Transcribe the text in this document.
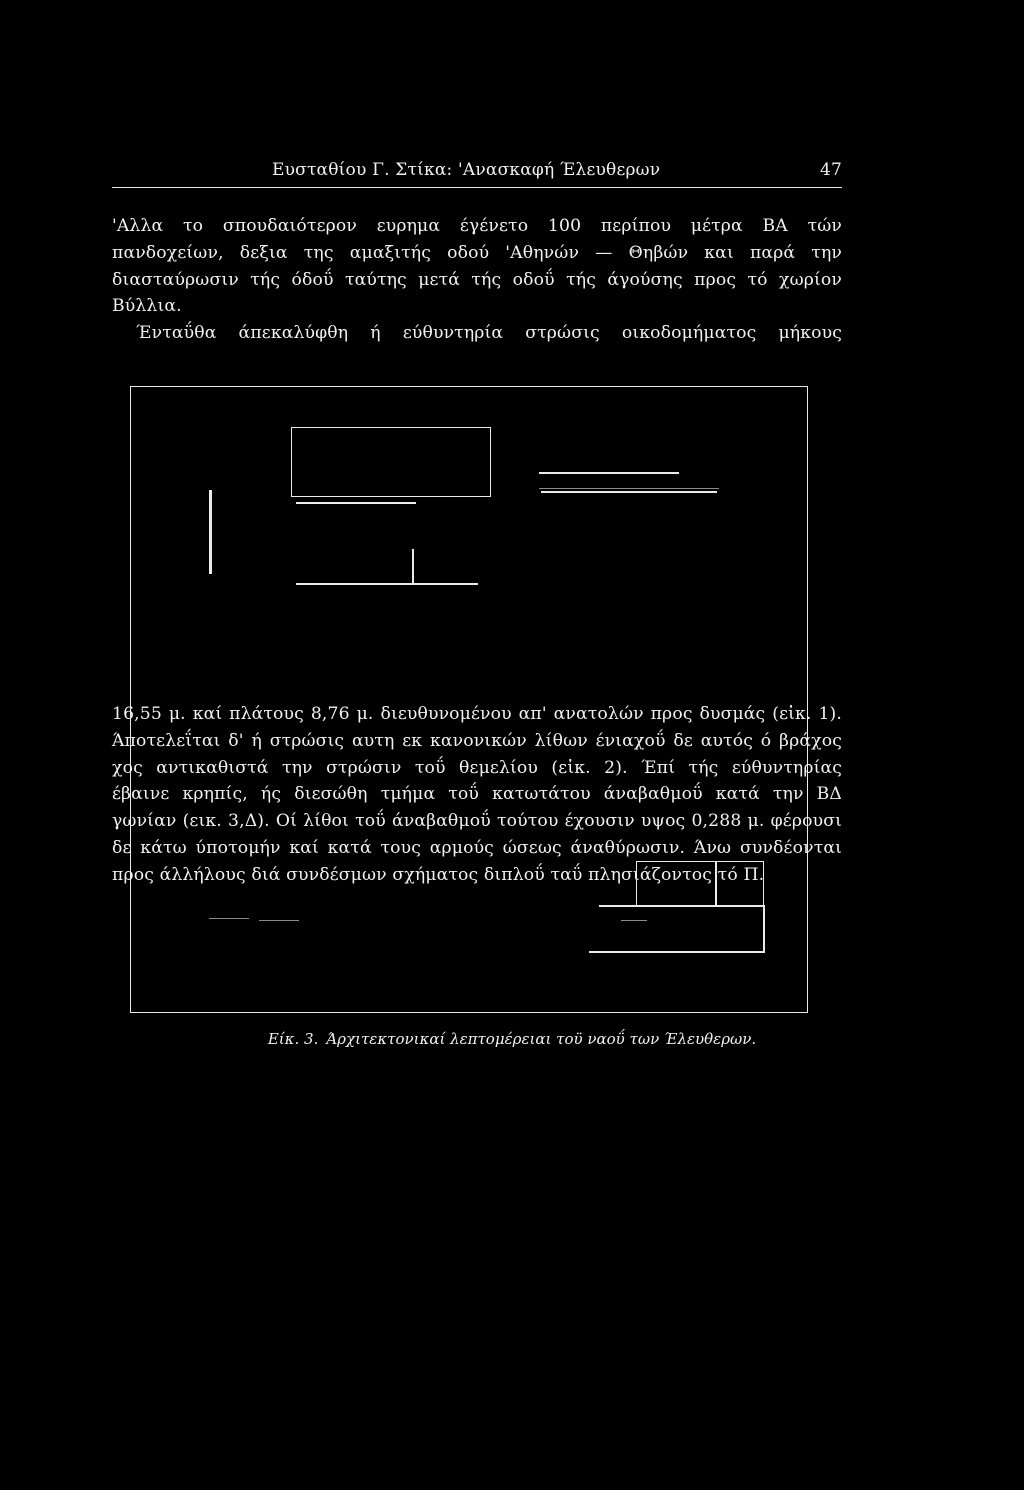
Ευσταθίου Γ. Στίκα: 'Ανασκαφή Έλευθερων	47
'Αλλα το σπουδαιότερον ευρημα έγένετο 100 περίπου μέτρα ΒΑ τών
πανδοχείων, δεξια της αμαξιτής οδού 'Αθηνών — Θηβών και παρά την
διασταύρωσιν τής όδοΰ ταύτης μετά τής οδοΰ τής άγούσης προς τό χωρίον
Βύλλια.
Ένταΰθα άπεκαλύφθη ή εύθυντηρία στρώσις οικοδομήματος μήκους
Είκ. 3. Άρχιτεκτονικαί λεπτομέρειαι τοϋ ναοΰ των Έλευθερων.
16,55 μ. καί πλάτους 8,76 μ. διευθυνομένου απ' ανατολών προς δυσμάς (εἰκ. 1).
Άποτελεΐται δ' ή στρώσις αυτη εκ κανονικών λίθων ένιαχοΰ δε αυτός ό βράχος
χος αντικαθιστά την στρώσιν τοΰ θεμελίου (εἰκ. 2). Έπί τής εύθυντηρίας
έβαινε κρηπίς, ής διεσώθη τμήμα τοΰ κατωτάτου άναβαθμοΰ κατά την ΒΔ
γωνίαν (εικ. 3,Δ). Οί λίθοι τοΰ άναβαθμοΰ τούτου έχουσιν υψος 0,288 μ. φέρουσι
δε κάτω ύποτομήν καί κατά τους αρμούς ώσεως άναθύρωσιν. Άνω συνδέονται
προς άλλήλους διά συνδέσμων σχήματος διπλοΰ ταΰ πλησιάζοντος τό Π.
